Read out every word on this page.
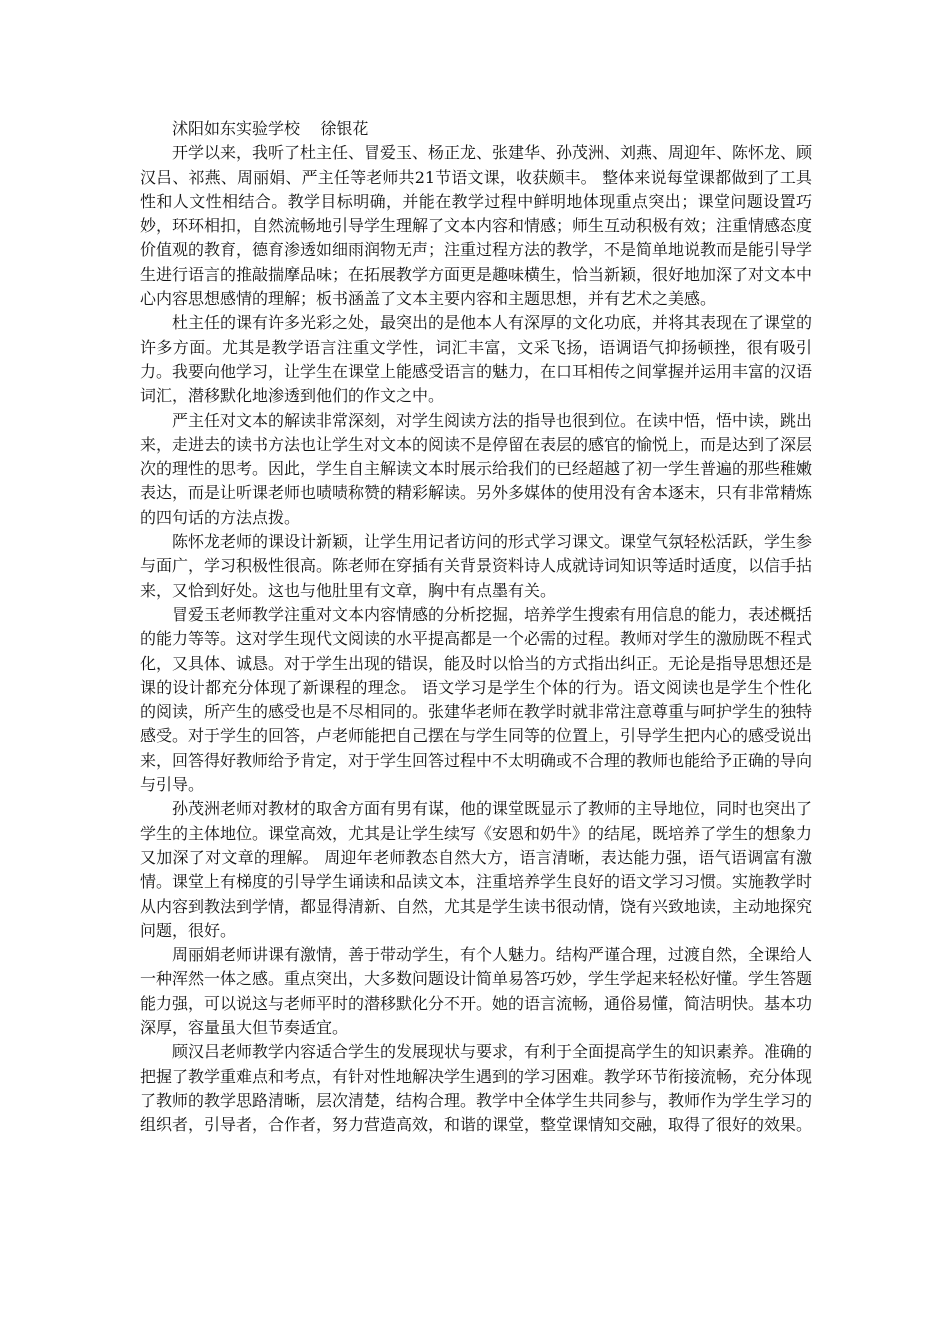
沭阳如东实验学校    徐银花

开学以来，我听了杜主任、冒爱玉、杨正龙、张建华、孙茂洲、刘燕、周迎年、陈怀龙、顾汉吕、祁燕、周丽娟、严主任等老师共21节语文课，收获颇丰。 整体来说每堂课都做到了工具性和人文性相结合。教学目标明确，并能在教学过程中鲜明地体现重点突出；课堂问题设置巧妙，环环相扣，自然流畅地引导学生理解了文本内容和情感；师生互动积极有效；注重情感态度价值观的教育，德育渗透如细雨润物无声；注重过程方法的教学，不是简单地说教而是能引导学生进行语言的推敲揣摩品味；在拓展教学方面更是趣味横生，恰当新颖，很好地加深了对文本中心内容思想感情的理解；板书涵盖了文本主要内容和主题思想，并有艺术之美感。

杜主任的课有许多光彩之处，最突出的是他本人有深厚的文化功底，并将其表现在了课堂的许多方面。尤其是教学语言注重文学性，词汇丰富，文采飞扬，语调语气抑扬顿挫，很有吸引力。我要向他学习，让学生在课堂上能感受语言的魅力，在口耳相传之间掌握并运用丰富的汉语词汇，潜移默化地渗透到他们的作文之中。

严主任对文本的解读非常深刻，对学生阅读方法的指导也很到位。在读中悟，悟中读，跳出来，走进去的读书方法也让学生对文本的阅读不是停留在表层的感官的愉悦上，而是达到了深层次的理性的思考。因此，学生自主解读文本时展示给我们的已经超越了初一学生普遍的那些稚嫩表达，而是让听课老师也啧啧称赞的精彩解读。另外多媒体的使用没有舍本逐末，只有非常精炼的四句话的方法点拨。

陈怀龙老师的课设计新颖，让学生用记者访问的形式学习课文。课堂气氛轻松活跃，学生参与面广，学习积极性很高。陈老师在穿插有关背景资料诗人成就诗词知识等适时适度，以信手拈来，又恰到好处。这也与他肚里有文章，胸中有点墨有关。

冒爱玉老师教学注重对文本内容情感的分析挖掘，培养学生搜索有用信息的能力，表述概括的能力等等。这对学生现代文阅读的水平提高都是一个必需的过程。教师对学生的激励既不程式化，又具体、诚恳。对于学生出现的错误，能及时以恰当的方式指出纠正。无论是指导思想还是课的设计都充分体现了新课程的理念。 语文学习是学生个体的行为。语文阅读也是学生个性化的阅读，所产生的感受也是不尽相同的。张建华老师在教学时就非常注意尊重与呵护学生的独特感受。对于学生的回答，卢老师能把自己摆在与学生同等的位置上，引导学生把内心的感受说出来，回答得好教师给予肯定，对于学生回答过程中不太明确或不合理的教师也能给予正确的导向与引导。

孙茂洲老师对教材的取舍方面有男有谋，他的课堂既显示了教师的主导地位，同时也突出了学生的主体地位。课堂高效，尤其是让学生续写《安恩和奶牛》的结尾，既培养了学生的想象力又加深了对文章的理解。 周迎年老师教态自然大方，语言清晰，表达能力强，语气语调富有激情。课堂上有梯度的引导学生诵读和品读文本，注重培养学生良好的语文学习习惯。实施教学时从内容到教法到学情，都显得清新、自然，尤其是学生读书很动情，饶有兴致地读，主动地探究问题，很好。

周丽娟老师讲课有激情，善于带动学生，有个人魅力。结构严谨合理，过渡自然，全课给人一种浑然一体之感。重点突出，大多数问题设计简单易答巧妙，学生学起来轻松好懂。学生答题能力强，可以说这与老师平时的潜移默化分不开。她的语言流畅，通俗易懂，简洁明快。基本功深厚，容量虽大但节奏适宜。

顾汉吕老师教学内容适合学生的发展现状与要求，有利于全面提高学生的知识素养。准确的把握了教学重难点和考点，有针对性地解决学生遇到的学习困难。教学环节衔接流畅，充分体现了教师的教学思路清晰，层次清楚，结构合理。教学中全体学生共同参与，教师作为学生学习的组织者，引导者，合作者，努力营造高效，和谐的课堂，整堂课情知交融，取得了很好的效果。
